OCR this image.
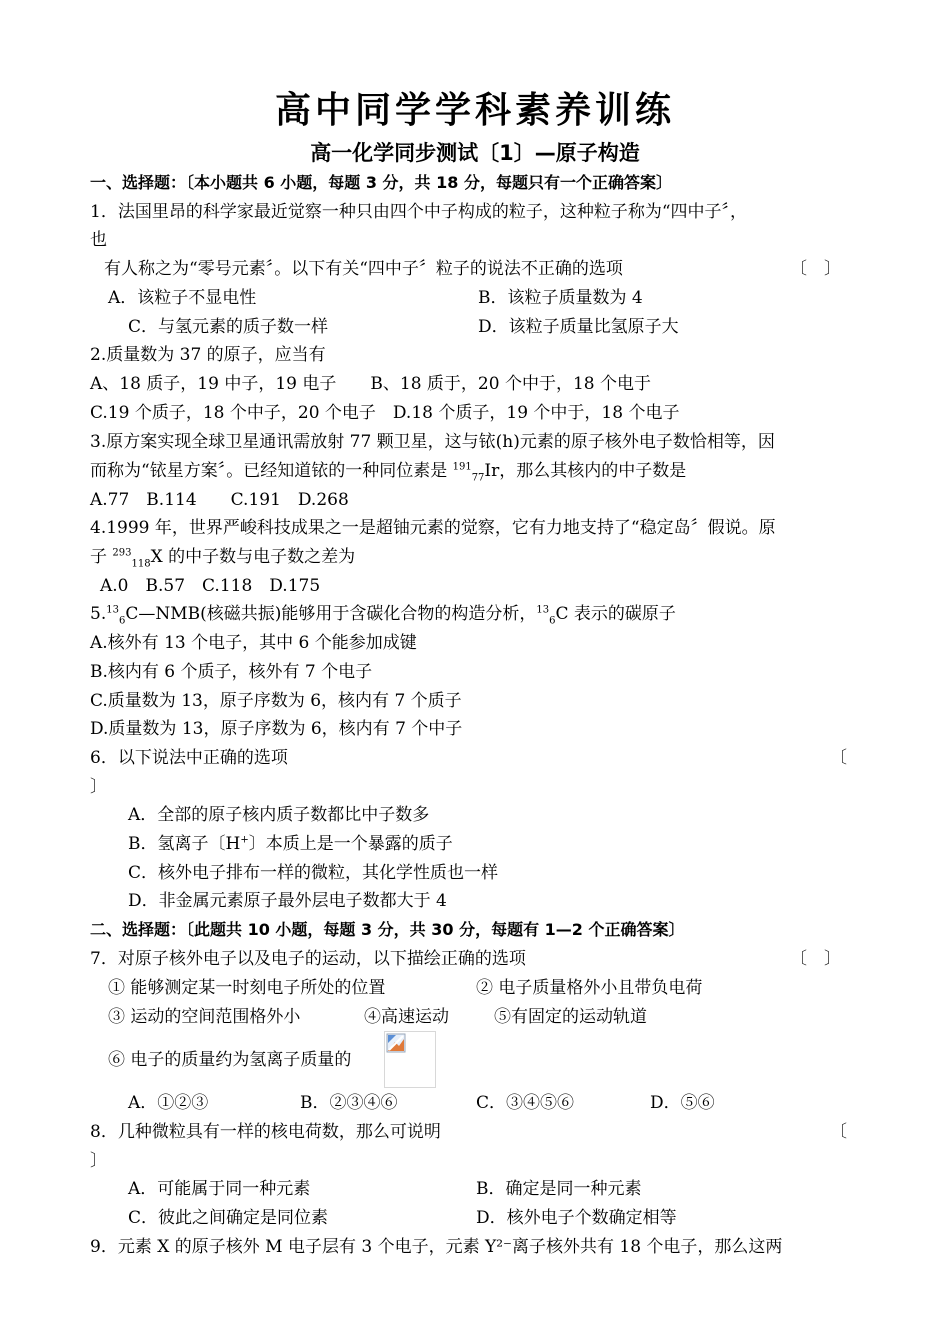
高中同学学科素养训练
高一化学同步测试〔1〕—原子构造
一、选择题：〔本小题共 6 小题，每题 3 分，共 18 分，每题只有一个正确答案〕
1．法国里昂的科学家最近觉察一种只由四个中子构成的粒子，这种粒子称为“四中子〞，
也
有人称之为“零号元素〞。以下有关“四中子〞粒子的说法不正确的选项	〔　〕
A．该粒子不显电性	B．该粒子质量数为 4
C．与氢元素的质子数一样	D．该粒子质量比氢原子大
2.质量数为 37 的原子，应当有
A、18 质子，19 中子，19 电子　　B、18 质于，20 个中于，18 个电于
C.19 个质子，18 个中子，20 个电子　D.18 个质子，19 个中于，18 个电子
3.原方案实现全球卫星通讯需放射 77 颗卫星，这与铱(h)元素的原子核外电子数恰相等，因
而称为“铱星方案〞。已经知道铱的一种同位素是 $^{191}_{77}$Ir，那么其核内的中子数是
A.77　B.114　　C.191　D.268
4.1999 年，世界严峻科技成果之一是超铀元素的觉察，它有力地支持了“稳定岛〞假说。原
子 $^{293}_{118}$X 的中子数与电子数之差为
A.0　B.57　C.118　D.175
$5.13_6C—NMB$(核磁共振)能够用于含碳化合物的构造分析，$^{13}_6$C 表示的碳原子
A.核外有 13 个电子，其中 6 个能参加成键
B.核内有 6 个质子，核外有 7 个电子
C.质量数为 13，原子序数为 6，核内有 7 个质子
D.质量数为 13，原子序数为 6，核内有 7 个中子
6．以下说法中正确的选项	〔
〕
A．全部的原子核内质子数都比中子数多
B．氢离子〔H+〕本质上是一个暴露的质子
C．核外电子排布一样的微粒，其化学性质也一样
D．非金属元素原子最外层电子数都大于 4
二、选择题：〔此题共 10 小题，每题 3 分，共 30 分，每题有 1—2 个正确答案〕
7．对原子核外电子以及电子的运动，以下描绘正确的选项	〔　〕
① 能够测定某一时刻电子所处的位置	② 电子质量格外小且带负电荷
③ 运动的空间范围格外小	④高速运动	⑤有固定的运动轨道
⑥ 电子的质量约为氢离子质量的
A．①②③	B．②③④⑥	C．③④⑤⑥	D．⑤⑥
8．几种微粒具有一样的核电荷数，那么可说明	〔
〕
A．可能属于同一种元素	B．确定是同一种元素
C．彼此之间确定是同位素	D．核外电子个数确定相等
9．元素 X 的原子核外 M 电子层有 3 个电子，元素 Y²⁻离子核外共有 18 个电子，那么这两
